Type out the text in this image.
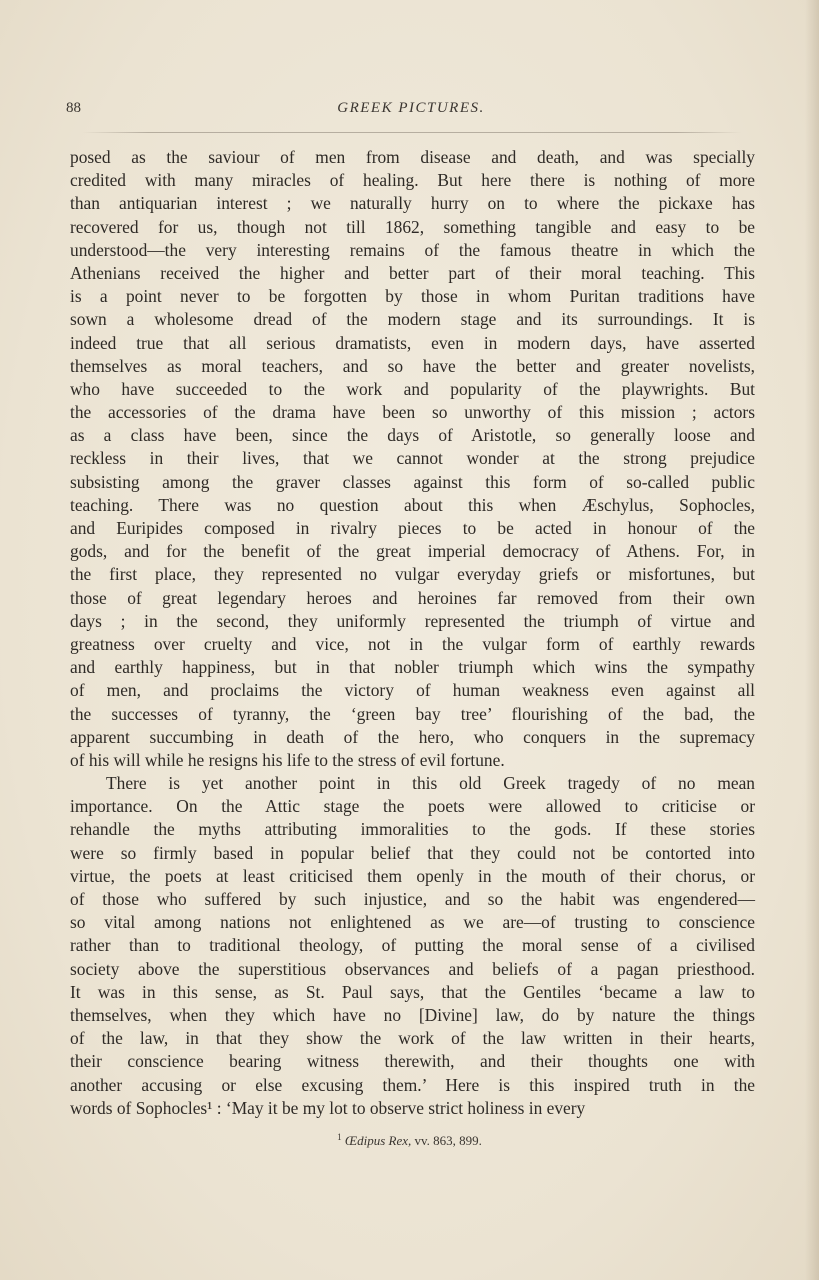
88	GREEK PICTURES.
posed as the saviour of men from disease and death, and was specially
credited with many miracles of healing. But here there is nothing of more
than antiquarian interest ; we naturally hurry on to where the pickaxe has
recovered for us, though not till 1862, something tangible and easy to be
understood—the very interesting remains of the famous theatre in which the
Athenians received the higher and better part of their moral teaching. This
is a point never to be forgotten by those in whom Puritan traditions have
sown a wholesome dread of the modern stage and its surroundings. It is
indeed true that all serious dramatists, even in modern days, have asserted
themselves as moral teachers, and so have the better and greater novelists,
who have succeeded to the work and popularity of the playwrights. But
the accessories of the drama have been so unworthy of this mission ; actors
as a class have been, since the days of Aristotle, so generally loose and
reckless in their lives, that we cannot wonder at the strong prejudice
subsisting among the graver classes against this form of so-called public
teaching. There was no question about this when Æschylus, Sophocles,
and Euripides composed in rivalry pieces to be acted in honour of the
gods, and for the benefit of the great imperial democracy of Athens. For, in
the first place, they represented no vulgar everyday griefs or misfortunes, but
those of great legendary heroes and heroines far removed from their own
days ; in the second, they uniformly represented the triumph of virtue and
greatness over cruelty and vice, not in the vulgar form of earthly rewards
and earthly happiness, but in that nobler triumph which wins the sympathy
of men, and proclaims the victory of human weakness even against all
the successes of tyranny, the ‘green bay tree’ flourishing of the bad, the
apparent succumbing in death of the hero, who conquers in the supremacy
of his will while he resigns his life to the stress of evil fortune.
There is yet another point in this old Greek tragedy of no mean
importance. On the Attic stage the poets were allowed to criticise or
rehandle the myths attributing immoralities to the gods. If these stories
were so firmly based in popular belief that they could not be contorted into
virtue, the poets at least criticised them openly in the mouth of their chorus, or
of those who suffered by such injustice, and so the habit was engendered—
so vital among nations not enlightened as we are—of trusting to conscience
rather than to traditional theology, of putting the moral sense of a civilised
society above the superstitious observances and beliefs of a pagan priesthood.
It was in this sense, as St. Paul says, that the Gentiles ‘became a law to
themselves, when they which have no [Divine] law, do by nature the things
of the law, in that they show the work of the law written in their hearts,
their conscience bearing witness therewith, and their thoughts one with
another accusing or else excusing them.’ Here is this inspired truth in the
words of Sophocles¹ : ‘May it be my lot to observe strict holiness in every
$^1$ Œdipus Rex, vv. 863, 899.
